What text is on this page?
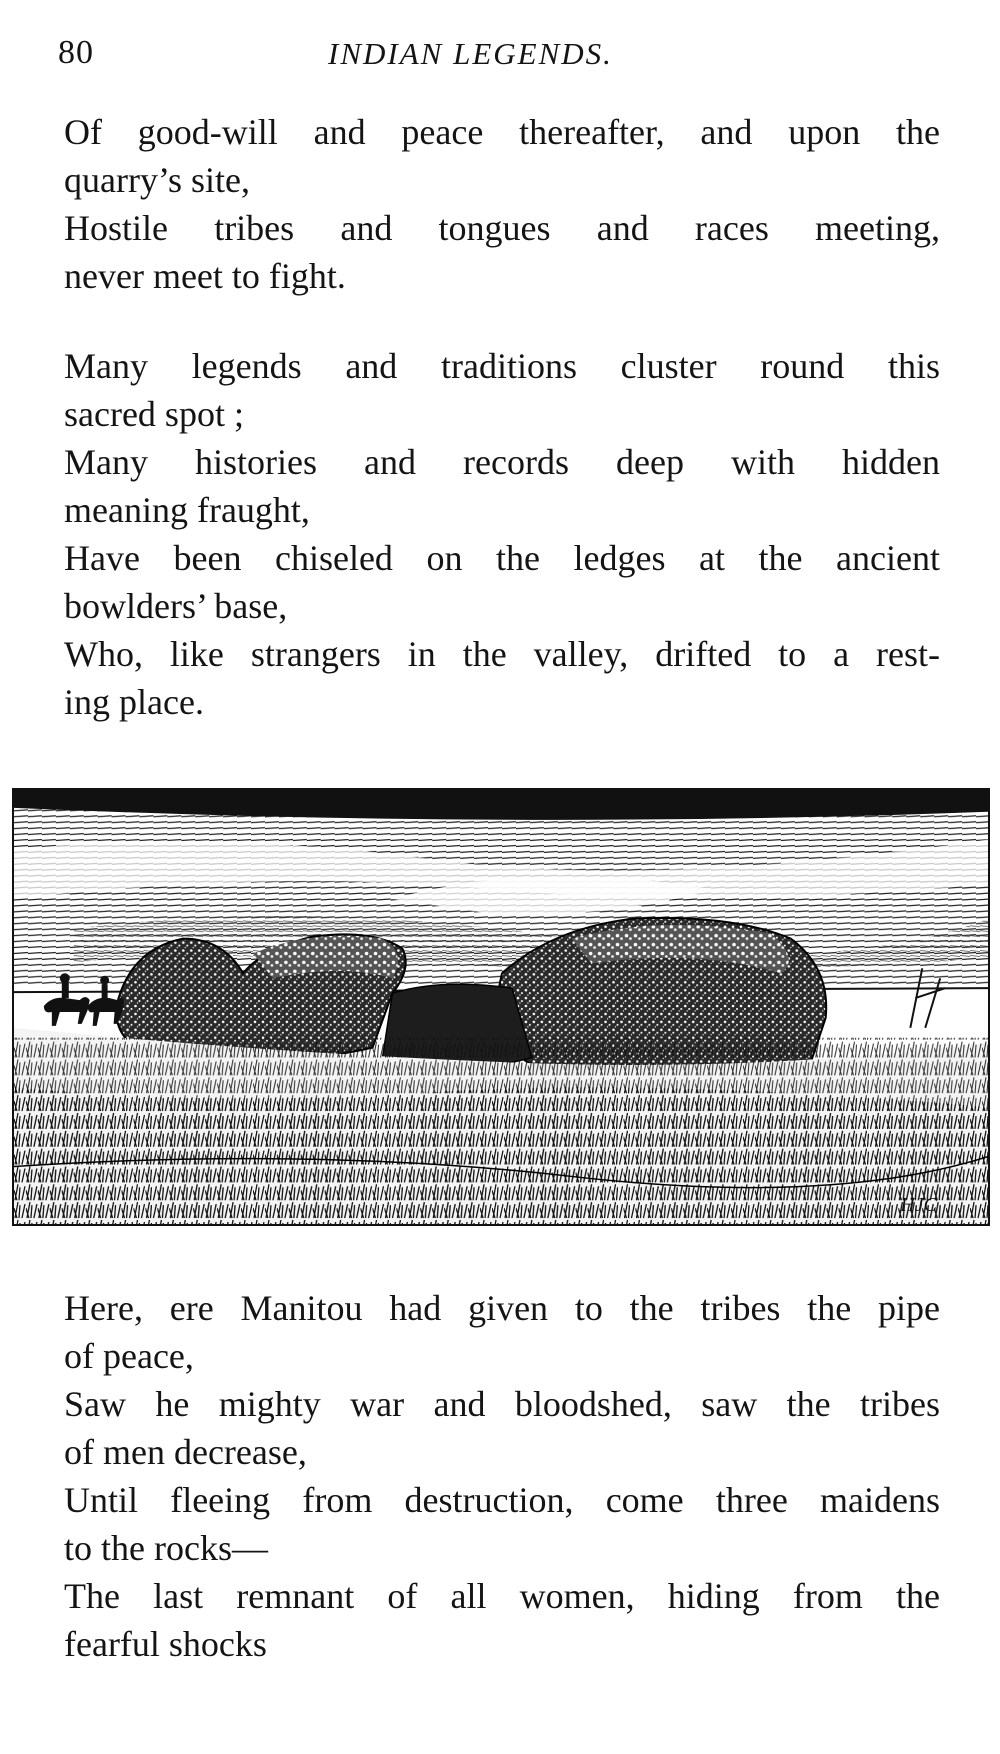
80	INDIAN LEGENDS.

Of good-will and peace thereafter, and upon the
quarry’s site,

Hostile tribes and tongues and races meeting,
never meet to fight.

Many legends and traditions cluster round this
sacred spot ;

Many histories and records deep with hidden
meaning fraught,

Have been chiseled on the ledges at the ancient
bowlders’ base,

Who, like strangers in the valley, drifted to a rest-
ing place.

HJC

Here, ere Manitou had given to the tribes the pipe
of peace,

Saw he mighty war and bloodshed, saw the tribes
of men decrease,

Until fleeing from destruction, come three maidens
to the rocks—

The last remnant of all women, hiding from the
fearful shocks
